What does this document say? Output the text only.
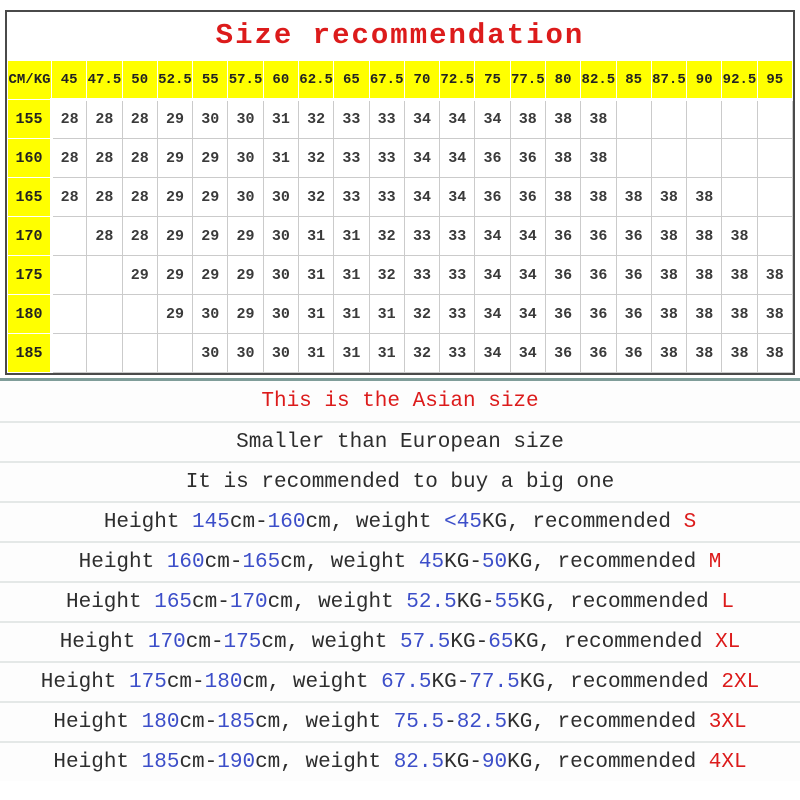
Size recommendation
CM/KG	45	47.5	50	52.5	55	57.5	60	62.5	65	67.5	70	72.5	75	77.5	80	82.5	85	87.5	90	92.5	95
155	28	28	28	29	30	30	31	32	33	33	34	34	34	38	38	38					
160	28	28	28	29	29	30	31	32	33	33	34	34	36	36	38	38					
165	28	28	28	29	29	30	30	32	33	33	34	34	36	36	38	38	38	38	38		
170		28	28	29	29	29	30	31	31	32	33	33	34	34	36	36	36	38	38	38	
175			29	29	29	29	30	31	31	32	33	33	34	34	36	36	36	38	38	38	38
180				29	30	29	30	31	31	31	32	33	34	34	36	36	36	38	38	38	38
185					30	30	30	31	31	31	32	33	34	34	36	36	36	38	38	38	38
This is the Asian size
Smaller than European size
It is recommended to buy a big one
Height 145 cm- 160 cm, weight <45 KG, recommended S
Height 160 cm- 165 cm, weight 45 KG- 50 KG, recommended M
Height 165 cm- 170 cm, weight 52.5 KG- 55 KG, recommended L
Height 170 cm- 175 cm, weight 57.5 KG- 65 KG, recommended XL
Height 175 cm- 180 cm, weight 67.5 KG- 77.5 KG, recommended 2XL
Height 180 cm- 185 cm, weight 75.5 - 82.5 KG, recommended 3XL
Height 185 cm- 190 cm, weight 82.5 KG- 90 KG, recommended 4XL
